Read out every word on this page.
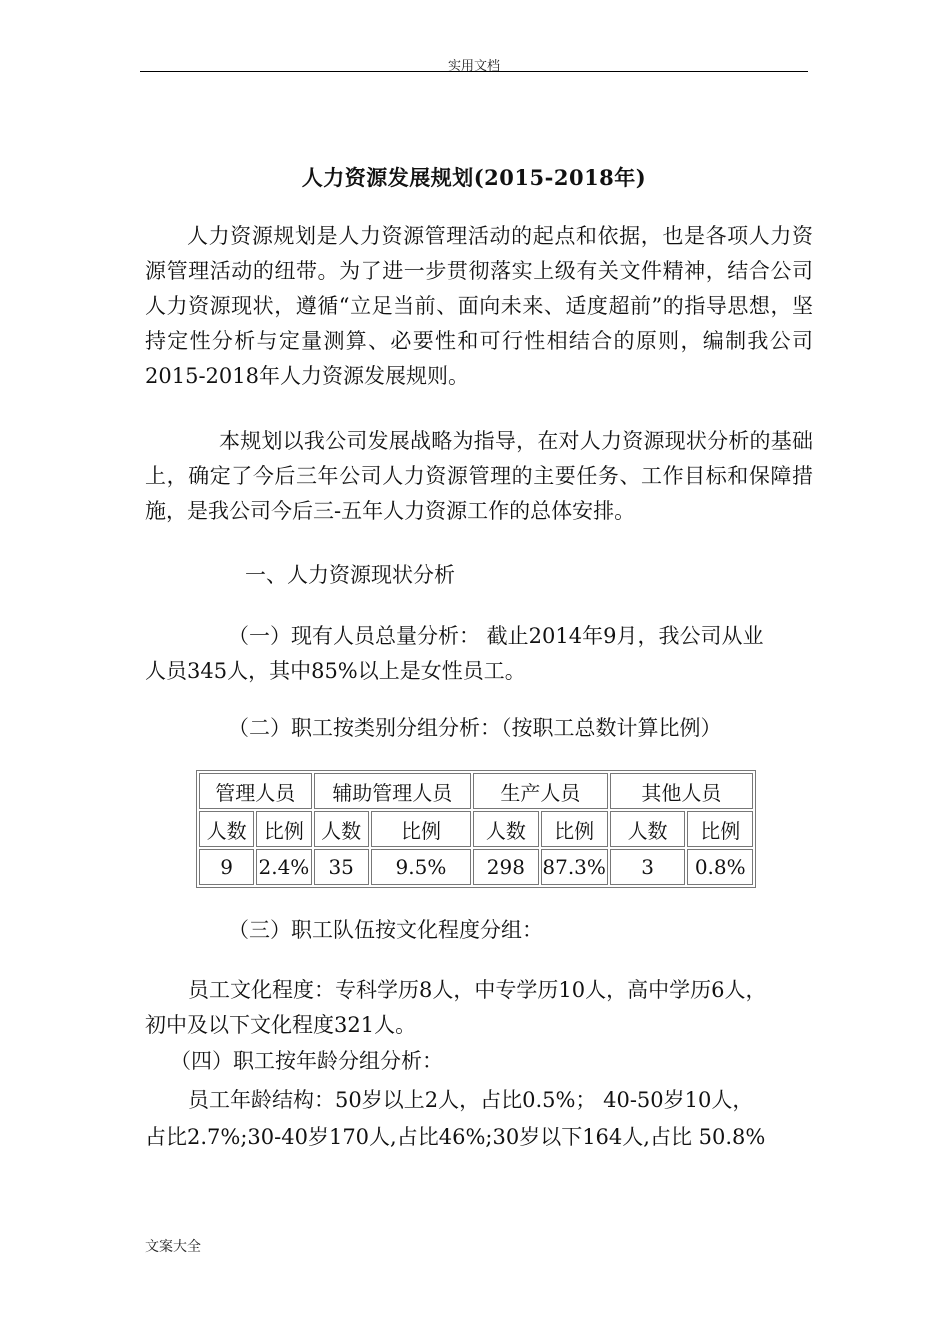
实用文档
人力资源发展规划(2015-2018年)

人力资源规划是人力资源管理活动的起点和依据，也是各项人力资源管理活动的纽带。为了进一步贯彻落实上级有关文件精神，结合公司人力资源现状，遵循“立足当前、面向未来、适度超前”的指导思想，坚持定性分析与定量测算、必要性和可行性相结合的原则，编制我公司2015-2018年人力资源发展规则。

本规划以我公司发展战略为指导，在对人力资源现状分析的基础上，确定了今后三年公司人力资源管理的主要任务、工作目标和保障措施，是我公司今后三-五年人力资源工作的总体安排。

一、人力资源现状分析
（一）现有人员总量分析： 截止2014年9月，我公司从业
人员345人，其中85%以上是女性员工。
（二）职工按类别分组分析：（按职工总数计算比例）
管理人员		辅助管理人员		生产人员		其他人员	
人数	比例	人数	比例	人数	比例	人数	比例
9	2.4%	35	9.5%	298	87.3%	3	0.8%
（三）职工队伍按文化程度分组：
员工文化程度：专科学历8人，中专学历10人，高中学历6人，
初中及以下文化程度321人。
（四）职工按年龄分组分析：
员工年龄结构：50岁以上2人，占比0.5%； 40-50岁10人，
占比2.7%;30-40岁170人,占比46%;30岁以下164人,占比 50.8%
文案大全
